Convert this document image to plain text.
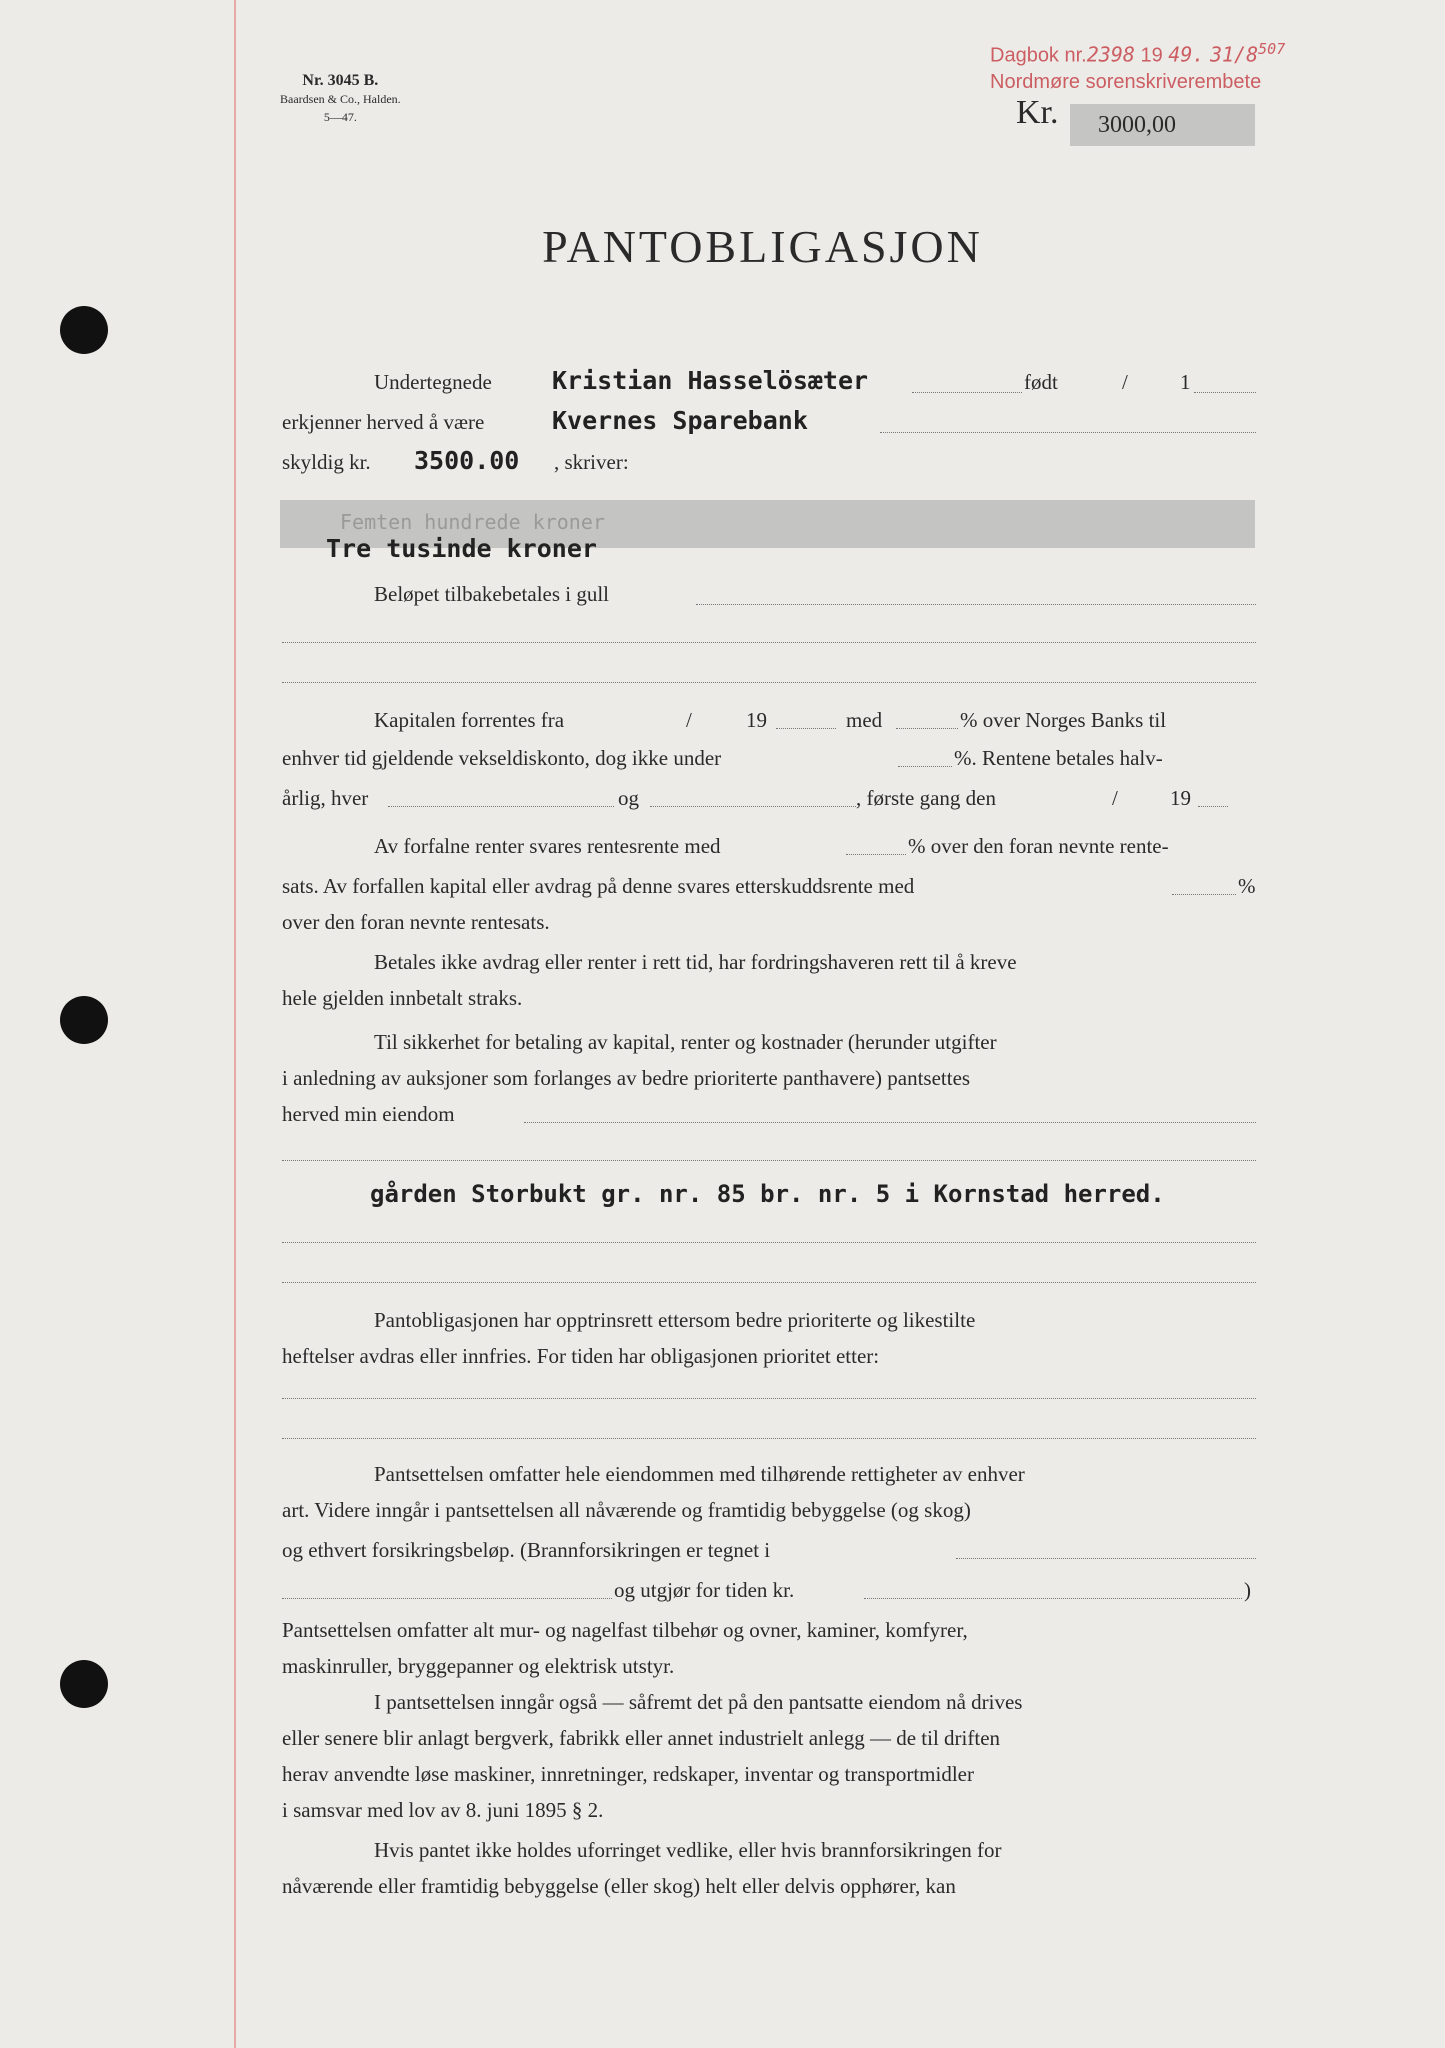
Nr. 3045 B.
Baardsen & Co., Halden.
5—47.
Dagbok nr.2398 19 49. $31/8^{507}$
Nordmøre sorenskriverembete
Kr. 3000,00
PANTOBLIGASJON
Undertegnede Kristian Hasselösæter	født	/ 1
erkjenner herved å være	Kvernes Sparebank
skyldig kr. 3500.00 , skriver:
Femten hundrede kroner
Tre tusinde kroner
Beløpet tilbakebetales i gull
Kapitalen forrentes fra	/	19	med	% over Norges Banks til
enhver tid gjeldende vekseldiskonto, dog ikke under	%. Rentene betales halv-
årlig, hver	og	, første gang den	/ 19
Av forfalne renter svares rentesrente med	% over den foran nevnte rente-
sats. Av forfallen kapital eller avdrag på denne svares etterskuddsrente med	%
over den foran nevnte rentesats.
Betales ikke avdrag eller renter i rett tid, har fordringshaveren rett til å kreve
hele gjelden innbetalt straks.
Til sikkerhet for betaling av kapital, renter og kostnader (herunder utgifter
i anledning av auksjoner som forlanges av bedre prioriterte panthavere) pantsettes
herved min eiendom
gården Storbukt gr. nr. 85 br. nr. 5 i Kornstad herred.
Pantobligasjonen har opptrinsrett ettersom bedre prioriterte og likestilte
heftelser avdras eller innfries. For tiden har obligasjonen prioritet etter:
Pantsettelsen omfatter hele eiendommen med tilhørende rettigheter av enhver
art. Videre inngår i pantsettelsen all nåværende og framtidig bebyggelse (og skog)
og ethvert forsikringsbeløp. (Brannforsikringen er tegnet i
og utgjør for tiden kr.	)
Pantsettelsen omfatter alt mur- og nagelfast tilbehør og ovner, kaminer, komfyrer,
maskinruller, bryggepanner og elektrisk utstyr.
I pantsettelsen inngår også — såfremt det på den pantsatte eiendom nå drives
eller senere blir anlagt bergverk, fabrikk eller annet industrielt anlegg — de til driften
herav anvendte løse maskiner, innretninger, redskaper, inventar og transportmidler
i samsvar med lov av 8. juni 1895 § 2.
Hvis pantet ikke holdes uforringet vedlike, eller hvis brannforsikringen for
nåværende eller framtidig bebyggelse (eller skog) helt eller delvis opphører, kan
